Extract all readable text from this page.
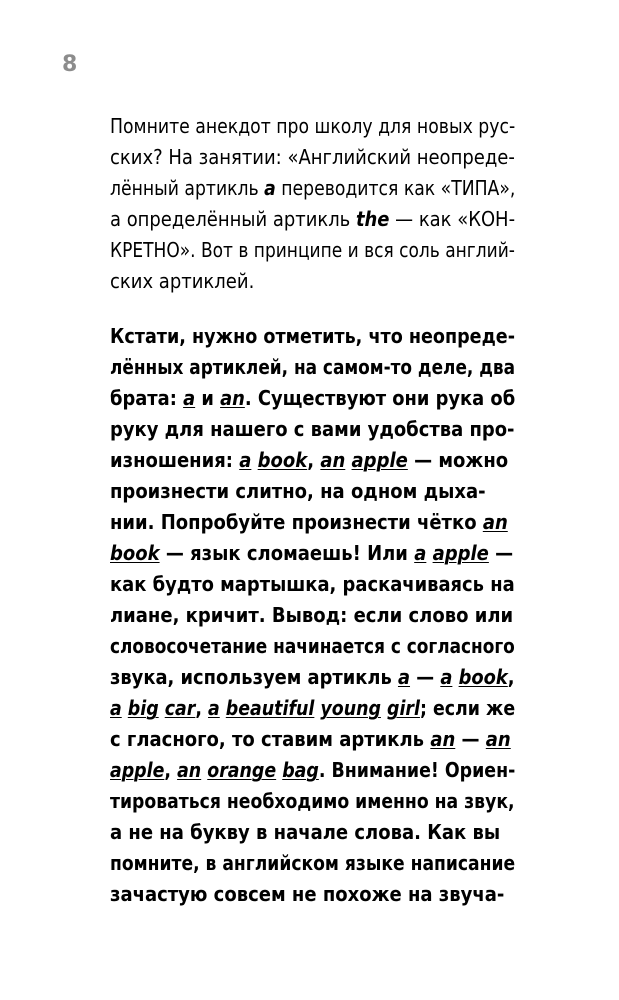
8
Помните анекдот про школу для новых рус-
ских? На занятии: «Английский неопреде-
лённый артикль a переводится как «ТИПА»,
а определённый артикль the — как «КОН-
КРЕТНО». Вот в принципе и вся соль англий-
ских артиклей.
Кстати, нужно отметить, что неопреде-
лённых артиклей, на самом-то деле, два
брата: a и an. Существуют они рука об
руку для нашего с вами удобства про-
изношения: a book, an apple — можно
произнести слитно, на одном дыха-
нии. Попробуйте произнести чётко an
book — язык сломаешь! Или a apple —
как будто мартышка, раскачиваясь на
лиане, кричит. Вывод: если слово или
словосочетание начинается с согласного
звука, используем артикль a — a book,
a big car, a beautiful young girl; если же
с гласного, то ставим артикль an — an
apple, an orange bag. Внимание! Ориен-
тироваться необходимо именно на звук,
а не на букву в начале слова. Как вы
помните, в английском языке написание
зачастую совсем не похоже на звуча-
